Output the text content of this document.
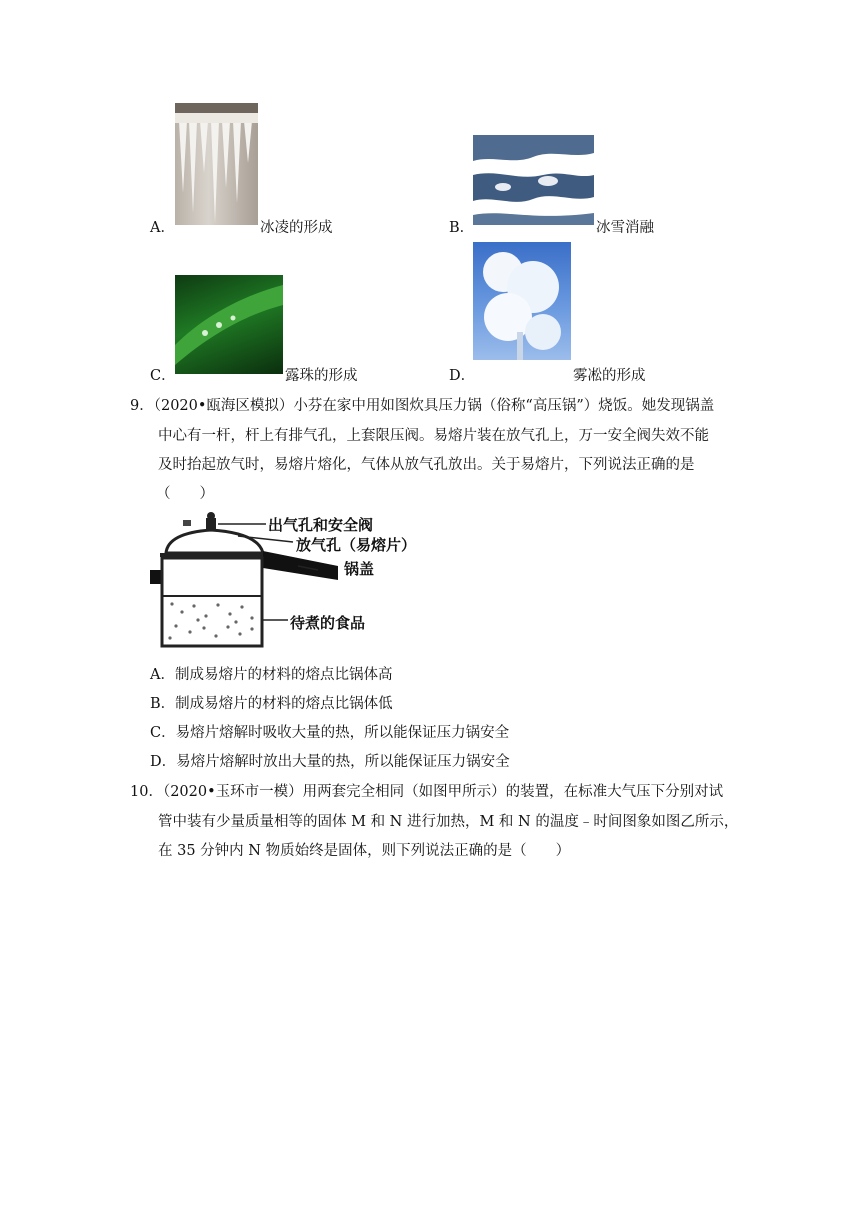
A．	冰凌的形成	B．	冰雪消融
C．	露珠的形成	D．	雾凇的形成
9．（2020•瓯海区模拟）小芬在家中用如图炊具压力锅（俗称“高压锅”）烧饭。她发现锅盖
中心有一杆，杆上有排气孔，上套限压阀。易熔片装在放气孔上，万一安全阀失效不能
及时抬起放气时，易熔片熔化，气体从放气孔放出。关于易熔片，下列说法正确的是
（　　）
出气孔和安全阀
放气孔（易熔片）
锅盖
待煮的食品
A．制成易熔片的材料的熔点比锅体高
B．制成易熔片的材料的熔点比锅体低
C．易熔片熔解时吸收大量的热，所以能保证压力锅安全
D．易熔片熔解时放出大量的热，所以能保证压力锅安全
10．（2020•玉环市一模）用两套完全相同（如图甲所示）的装置，在标准大气压下分别对试
管中装有少量质量相等的固体 M 和 N 进行加热，M 和 N 的温度﹣时间图象如图乙所示，
在 35 分钟内 N 物质始终是固体，则下列说法正确的是（　　）
